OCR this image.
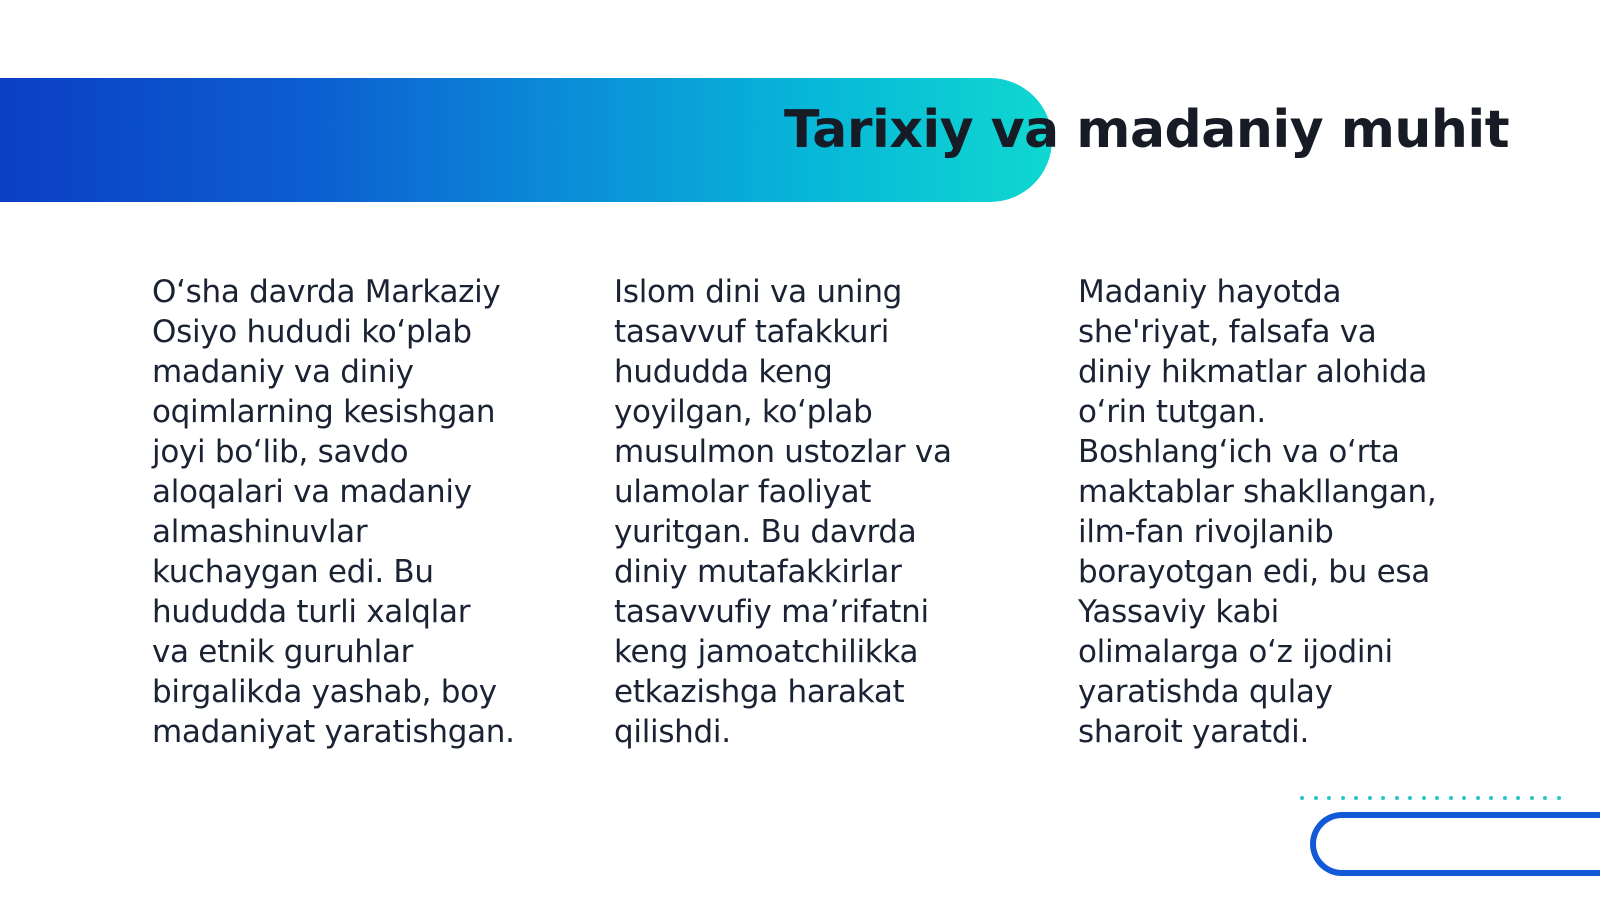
Tarixiy va madaniy muhit

O‘sha davrda Markaziy
Osiyo hududi ko‘plab
madaniy va diniy
oqimlarning kesishgan
joyi bo‘lib, savdo
aloqalari va madaniy
almashinuvlar
kuchaygan edi. Bu
hududda turli xalqlar
va etnik guruhlar
birgalikda yashab, boy
madaniyat yaratishgan.

Islom dini va uning
tasavvuf tafakkuri
hududda keng
yoyilgan, ko‘plab
musulmon ustozlar va
ulamolar faoliyat
yuritgan. Bu davrda
diniy mutafakkirlar
tasavvufiy ma’rifatni
keng jamoatchilikka
etkazishga harakat
qilishdi.

Madaniy hayotda
she'riyat, falsafa va
diniy hikmatlar alohida
o‘rin tutgan.
Boshlang‘ich va o‘rta
maktablar shakllangan,
ilm-fan rivojlanib
borayotgan edi, bu esa
Yassaviy kabi
olimalarga o‘z ijodini
yaratishda qulay
sharoit yaratdi.
